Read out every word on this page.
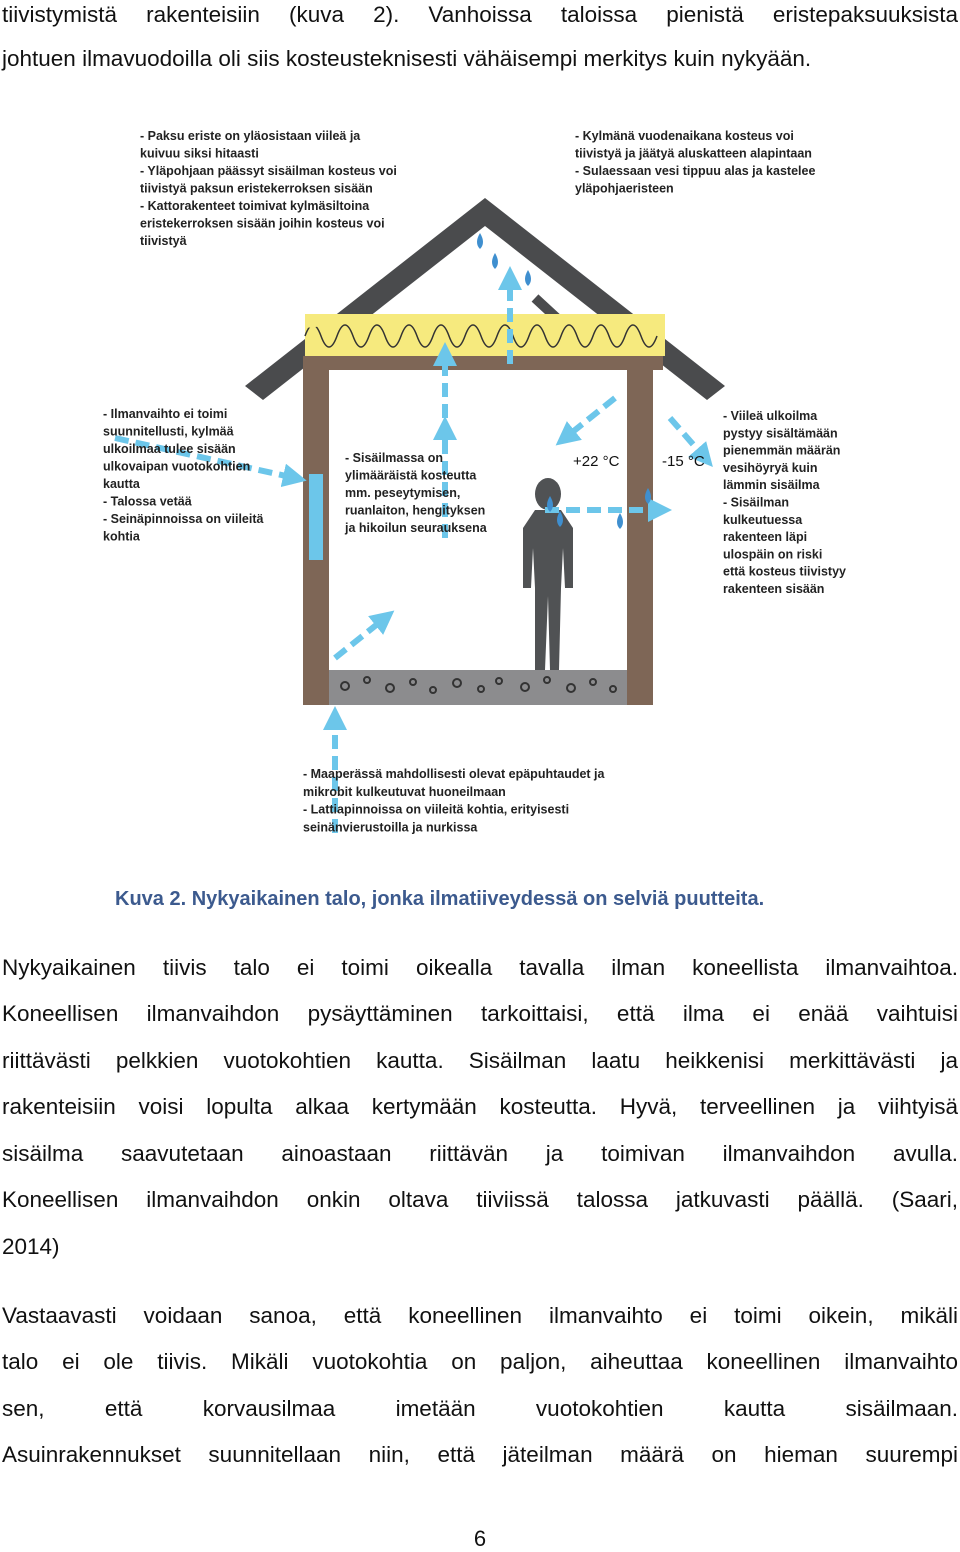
tiivistymistä rakenteisiin (kuva 2). Vanhoissa taloissa pienistä eristepaksuuksista
johtuen ilmavuodoilla oli siis kosteusteknisesti vähäisempi merkitys kuin nykyään.
+22 °C	-15 °C
- Paksu eriste on yläosistaan viileä ja
kuivuu siksi hitaasti
- Yläpohjaan päässyt sisäilman kosteus voi
tiivistyä paksun eristekerroksen sisään
- Kattorakenteet toimivat kylmäsiltoina
eristekerroksen sisään joihin kosteus voi
tiivistyä
- Kylmänä vuodenaikana kosteus voi
tiivistyä ja jäätyä aluskatteen alapintaan
- Sulaessaan vesi tippuu alas ja kastelee
yläpohjaeristeen
- Ilmanvaihto ei toimi
suunnitellusti, kylmää
ulkoilmaa tulee sisään
ulkovaipan vuotokohtien
kautta
- Talossa vetää
- Seinäpinnoissa on viileitä
kohtia
- Sisäilmassa on
ylimääräistä kosteutta
mm. peseytymisen,
ruanlaiton, hengityksen
ja hikoilun seurauksena
- Viileä ulkoilma
pystyy sisältämään
pienemmän määrän
vesihöyryä kuin
lämmin sisäilma
- Sisäilman
kulkeutuessa
rakenteen läpi
ulospäin on riski
että kosteus tiivistyy
rakenteen sisään
- Maaperässä mahdollisesti olevat epäpuhtaudet ja
mikrobit kulkeutuvat huoneilmaan
- Lattiapinnoissa on viileitä kohtia, erityisesti
seinänvierustoilla ja nurkissa
Kuva 2. Nykyaikainen talo, jonka ilmatiiveydessä on selviä puutteita.
Nykyaikainen tiivis talo ei toimi oikealla tavalla ilman koneellista ilmanvaihtoa.
Koneellisen ilmanvaihdon pysäyttäminen tarkoittaisi, että ilma ei enää vaihtuisi
riittävästi pelkkien vuotokohtien kautta. Sisäilman laatu heikkenisi merkittävästi ja
rakenteisiin voisi lopulta alkaa kertymään kosteutta. Hyvä, terveellinen ja viihtyisä
sisäilma saavutetaan ainoastaan riittävän ja toimivan ilmanvaihdon avulla.
Koneellisen ilmanvaihdon onkin oltava tiiviissä talossa jatkuvasti päällä. (Saari,
2014)
Vastaavasti voidaan sanoa, että koneellinen ilmanvaihto ei toimi oikein, mikäli
talo ei ole tiivis. Mikäli vuotokohtia on paljon, aiheuttaa koneellinen ilmanvaihto
sen, että korvausilmaa imetään vuotokohtien kautta sisäilmaan.
Asuinrakennukset suunnitellaan niin, että jäteilman määrä on hieman suurempi
6
